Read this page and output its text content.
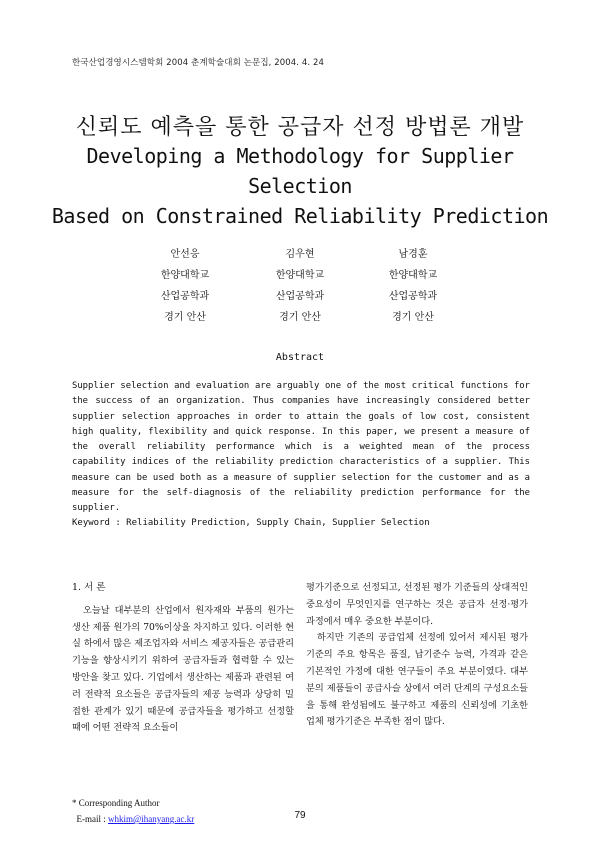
한국산업경영시스템학회 2004 춘계학술대회 논문집, 2004. 4. 24
신뢰도 예측을 통한 공급자 선정 방법론 개발
Developing a Methodology for Supplier
Selection
Based on Constrained Reliability Prediction
안선응
한양대학교
산업공학과
경기 안산
김우현
한양대학교
산업공학과
경기 안산
남경훈
한양대학교
산업공학과
경기 안산
Abstract
Supplier selection and evaluation are arguably one of the most critical functions for the success of an organization. Thus companies have increasingly considered better supplier selection approaches in order to attain the goals of low cost, consistent high quality, flexibility and quick response. In this paper, we present a measure of the overall reliability performance which is a weighted mean of the process capability indices of the reliability prediction characteristics of a supplier. This measure can be used both as a measure of supplier selection for the customer and as a measure for the self-diagnosis of the reliability prediction performance for the supplier.
Keyword : Reliability Prediction, Supply Chain, Supplier Selection

1. 서 론

오늘날 대부분의 산업에서 원자재와 부품의 원가는 생산 제품 원가의 70%이상을 차지하고 있다. 이러한 현실 하에서 많은 제조업자와 서비스 제공자들은 공급관리 기능을 향상시키기 위하여 공급자들과 협력할 수 있는 방안을 찾고 있다. 기업에서 생산하는 제품과 관련된 여러 전략적 요소들은 공급자들의 제공 능력과 상당히 밀접한 관계가 있기 때문에 공급자들을 평가하고 선정할 때에 어떤 전략적 요소들이

평가기준으로 선정되고, 선정된 평가 기준들의 상대적인 중요성이 무엇인지를 연구하는 것은 공급자 선정·평가 과정에서 매우 중요한 부분이다.

하지만 기존의 공급업체 선정에 있어서 제시된 평가 기준의 주요 항목은 품질, 납기준수 능력, 가격과 같은 기본적인 가정에 대한 연구들이 주요 부분이였다. 대부분의 제품들이 공급사슬 상에서 여러 단계의 구성요소들을 통해 완성됨에도 불구하고 제품의 신뢰성에 기초한 업체 평가기준은 부족한 점이 많다.

* Corresponding Author
E-mail : whkim@ihanyang.ac.kr	79
